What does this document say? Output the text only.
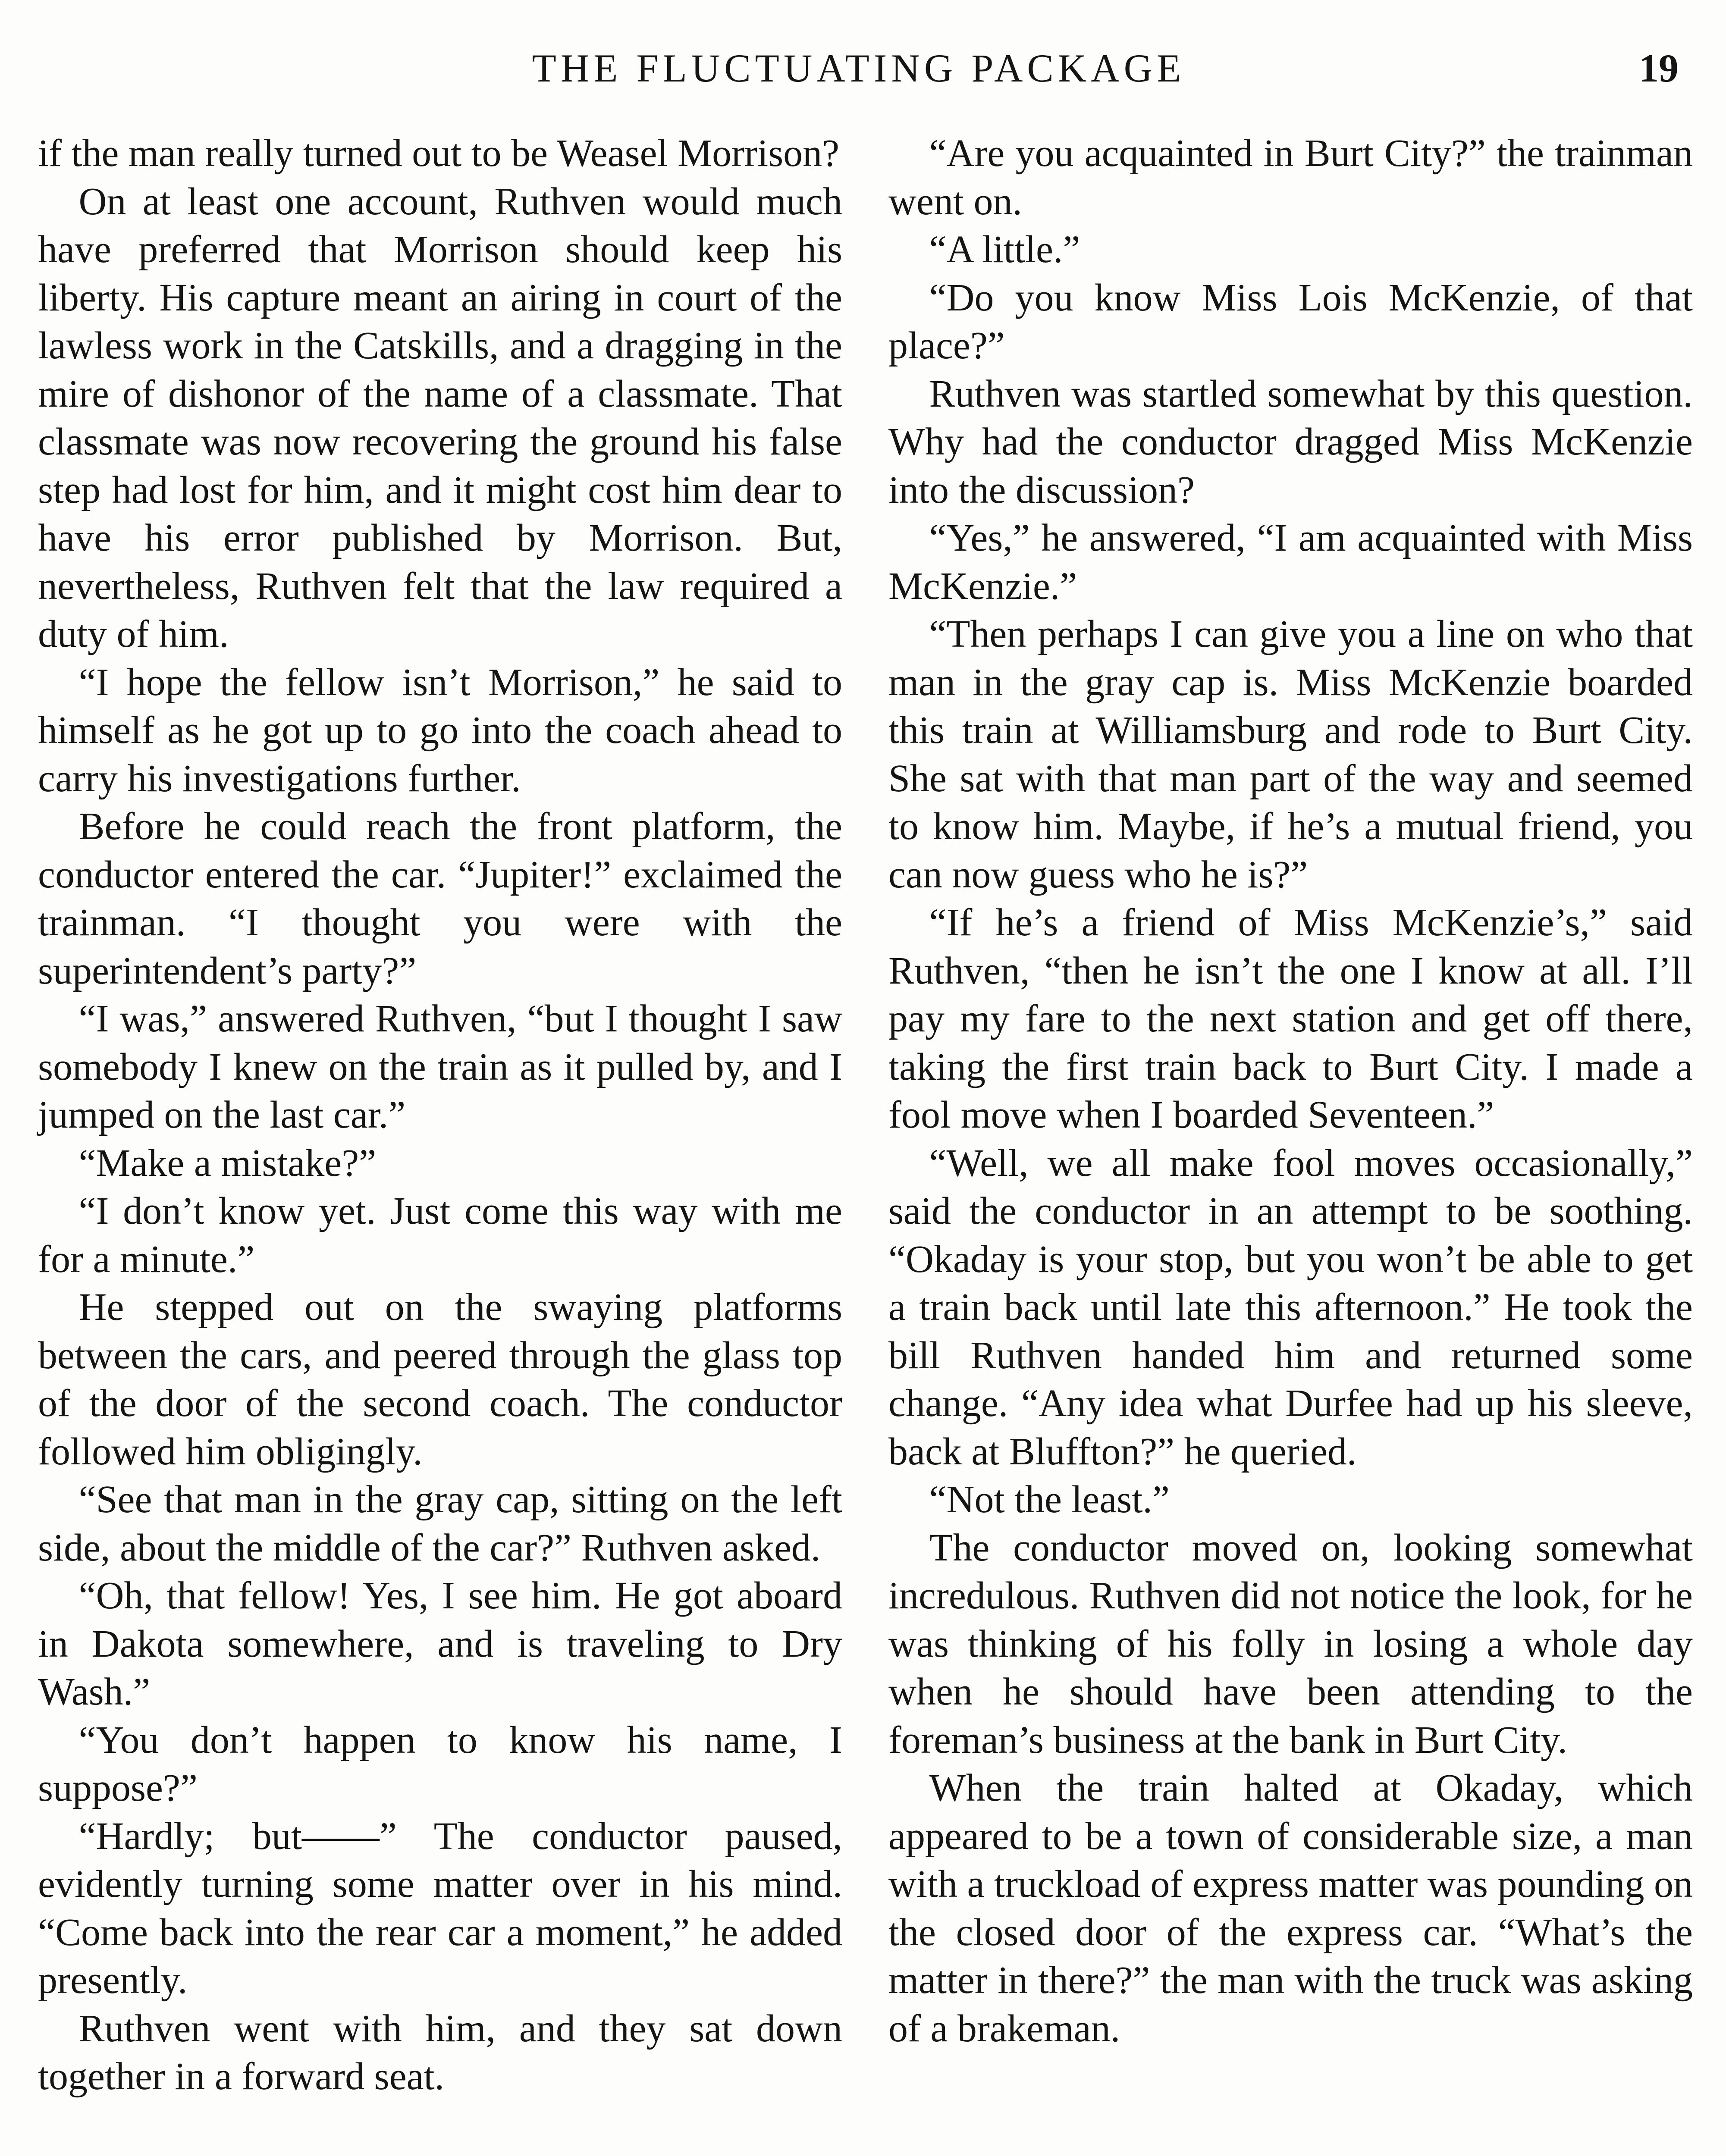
THE FLUCTUATING PACKAGE	19

if the man really turned out to be Weasel Morrison?

On at least one account, Ruthven would much have preferred that Morrison should keep his liberty. His capture meant an airing in court of the lawless work in the Catskills, and a dragging in the mire of dishonor of the name of a classmate. That classmate was now recovering the ground his false step had lost for him, and it might cost him dear to have his error published by Morrison. But, nevertheless, Ruthven felt that the law required a duty of him.

“I hope the fellow isn’t Morrison,” he said to himself as he got up to go into the coach ahead to carry his investigations further.

Before he could reach the front platform, the conductor entered the car. “Jupiter!” exclaimed the trainman. “I thought you were with the superintendent’s party?”

“I was,” answered Ruthven, “but I thought I saw somebody I knew on the train as it pulled by, and I jumped on the last car.”

“Make a mistake?”

“I don’t know yet. Just come this way with me for a minute.”

He stepped out on the swaying platforms between the cars, and peered through the glass top of the door of the second coach. The conductor followed him obligingly.

“See that man in the gray cap, sitting on the left side, about the middle of the car?” Ruthven asked.

“Oh, that fellow! Yes, I see him. He got aboard in Dakota somewhere, and is traveling to Dry Wash.”

“You don’t happen to know his name, I suppose?”

“Hardly; but——” The conductor paused, evidently turning some matter over in his mind. “Come back into the rear car a moment,” he added presently.

Ruthven went with him, and they sat down together in a forward seat.

“Are you acquainted in Burt City?” the trainman went on.

“A little.”

“Do you know Miss Lois McKenzie, of that place?”

Ruthven was startled somewhat by this question. Why had the conductor dragged Miss McKenzie into the discussion?

“Yes,” he answered, “I am acquainted with Miss McKenzie.”

“Then perhaps I can give you a line on who that man in the gray cap is. Miss McKenzie boarded this train at Williamsburg and rode to Burt City. She sat with that man part of the way and seemed to know him. Maybe, if he’s a mutual friend, you can now guess who he is?”

“If he’s a friend of Miss McKenzie’s,” said Ruthven, “then he isn’t the one I know at all. I’ll pay my fare to the next station and get off there, taking the first train back to Burt City. I made a fool move when I boarded Seventeen.”

“Well, we all make fool moves occasionally,” said the conductor in an attempt to be soothing. “Okaday is your stop, but you won’t be able to get a train back until late this afternoon.” He took the bill Ruthven handed him and returned some change. “Any idea what Durfee had up his sleeve, back at Bluffton?” he queried.

“Not the least.”

The conductor moved on, looking somewhat incredulous. Ruthven did not notice the look, for he was thinking of his folly in losing a whole day when he should have been attending to the foreman’s business at the bank in Burt City.

When the train halted at Okaday, which appeared to be a town of considerable size, a man with a truckload of express matter was pounding on the closed door of the express car. “What’s the matter in there?” the man with the truck was asking of a brakeman.
